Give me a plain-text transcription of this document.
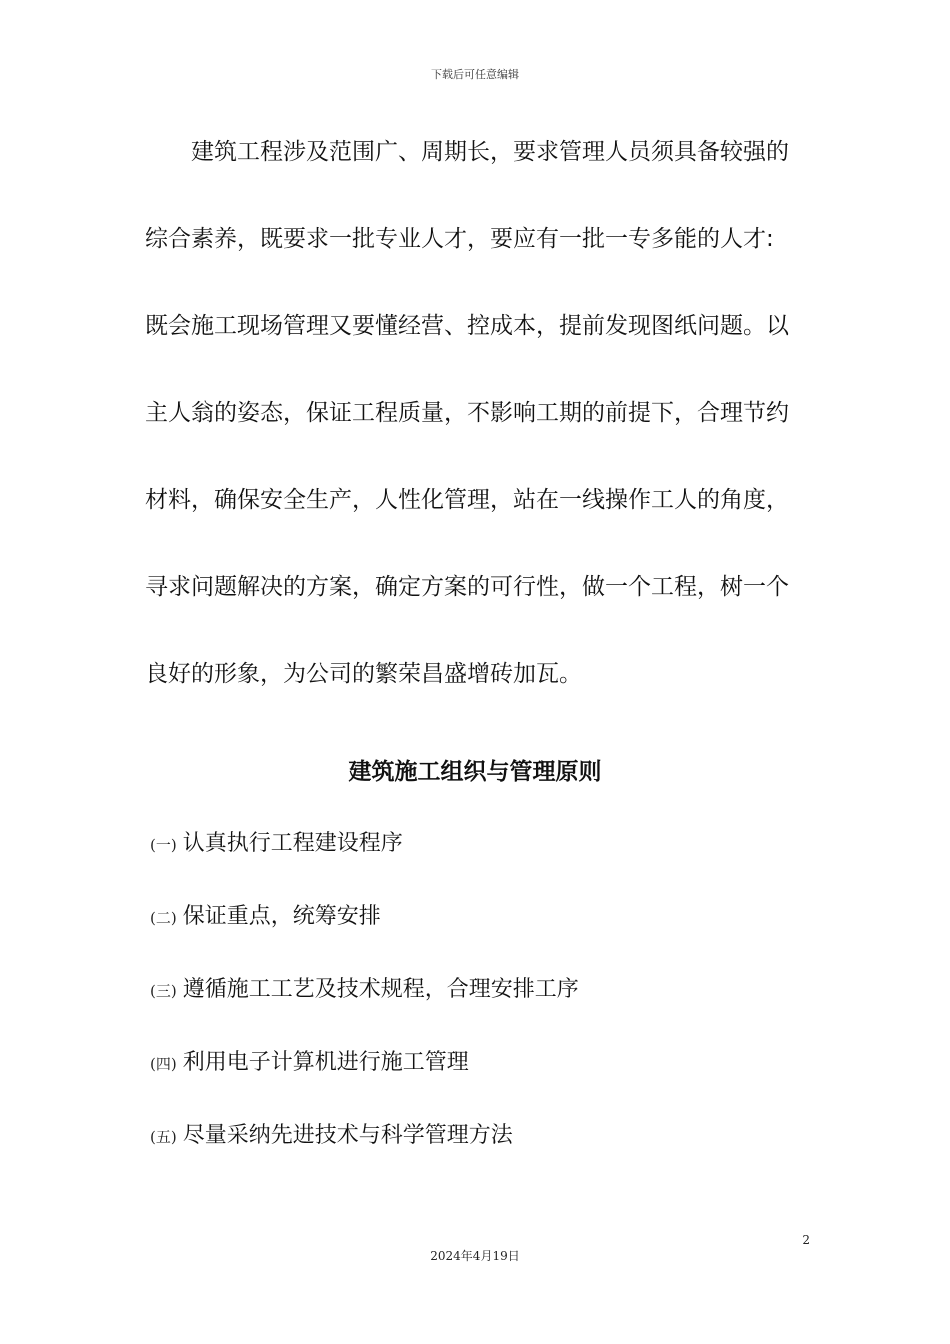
下载后可任意编辑
建筑工程涉及范围广、周期长，要求管理人员须具备较强的
综合素养，既要求一批专业人才，要应有一批一专多能的人才:
既会施工现场管理又要懂经营、控成本，提前发现图纸问题。以
主人翁的姿态，保证工程质量，不影响工期的前提下，合理节约
材料，确保安全生产，人性化管理，站在一线操作工人的角度，
寻求问题解决的方案，确定方案的可行性，做一个工程，树一个
良好的形象，为公司的繁荣昌盛增砖加瓦。
建筑施工组织与管理原则
(一) 认真执行工程建设程序
(二) 保证重点，统筹安排
(三) 遵循施工工艺及技术规程，合理安排工序
(四) 利用电子计算机进行施工管理
(五) 尽量采纳先进技术与科学管理方法
2
2024年4月19日
